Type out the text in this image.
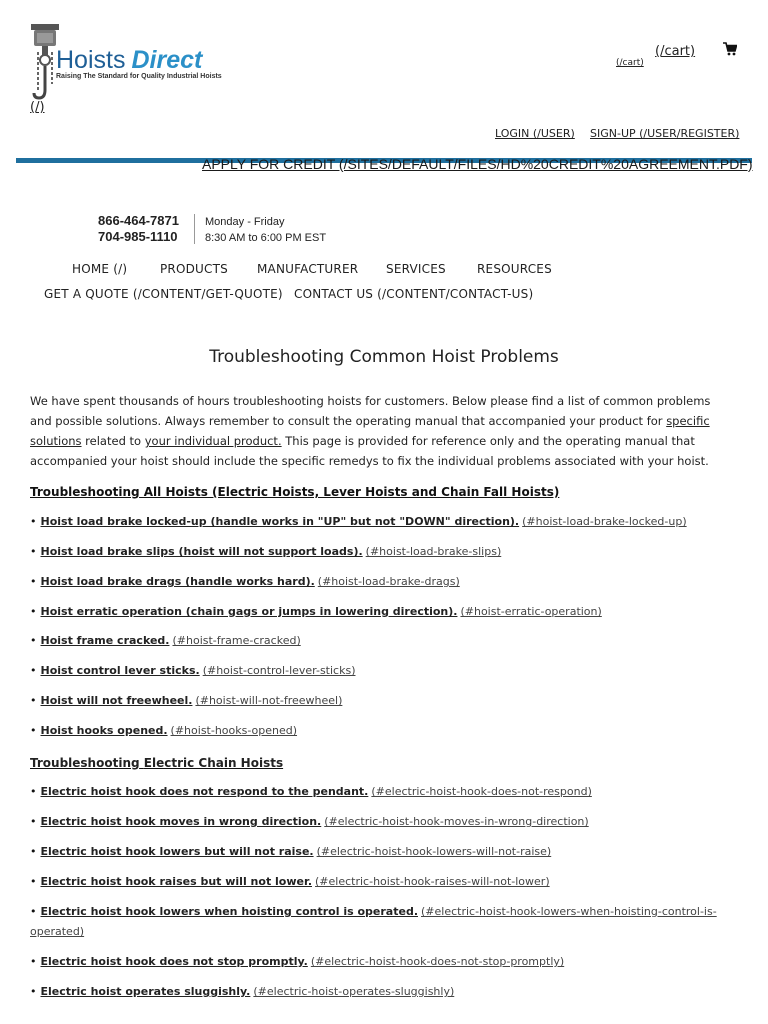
Hoists Direct
Raising The Standard for Quality Industrial Hoists
(/cart)
(/cart)
(/)
LOGIN (/USER) SIGN-UP (/USER/REGISTER)
APPLY FOR CREDIT (/SITES/DEFAULT/FILES/HD%20CREDIT%20AGREEMENT.PDF)
866-464-7871
704-985-1110
Monday - Friday
8:30 AM to 6:00 PM EST
HOME (/)	PRODUCTS MANUFACTURER SERVICES	RESOURCES
GET A QUOTE (/CONTENT/GET-QUOTE) CONTACT US (/CONTENT/CONTACT-US)
Troubleshooting Common Hoist Problems

We have spent thousands of hours troubleshooting hoists for customers. Below please find a list of common problems and possible solutions. Always remember to consult the operating manual that accompanied your product for specific solutions related to your individual product. This page is provided for reference only and the operating manual that accompanied your hoist should include the specific remedys to fix the individual problems associated with your hoist.

Troubleshooting All Hoists (Electric Hoists, Lever Hoists and Chain Fall Hoists)
• Hoist load brake locked-up (handle works in "UP" but not "DOWN" direction). (#hoist-load-brake-locked-up)
• Hoist load brake slips (hoist will not support loads). (#hoist-load-brake-slips)
• Hoist load brake drags (handle works hard). (#hoist-load-brake-drags)
• Hoist erratic operation (chain gags or jumps in lowering direction). (#hoist-erratic-operation)
• Hoist frame cracked. (#hoist-frame-cracked)
• Hoist control lever sticks. (#hoist-control-lever-sticks)
• Hoist will not freewheel. (#hoist-will-not-freewheel)
• Hoist hooks opened. (#hoist-hooks-opened)
Troubleshooting Electric Chain Hoists
• Electric hoist hook does not respond to the pendant. (#electric-hoist-hook-does-not-respond)
• Electric hoist hook moves in wrong direction. (#electric-hoist-hook-moves-in-wrong-direction)
• Electric hoist hook lowers but will not raise. (#electric-hoist-hook-lowers-will-not-raise)
• Electric hoist hook raises but will not lower. (#electric-hoist-hook-raises-will-not-lower)
• Electric hoist hook lowers when hoisting control is operated. (#electric-hoist-hook-lowers-when-hoisting-control-is-operated)
• Electric hoist hook does not stop promptly. (#electric-hoist-hook-does-not-stop-promptly)
• Electric hoist operates sluggishly. (#electric-hoist-operates-sluggishly)
